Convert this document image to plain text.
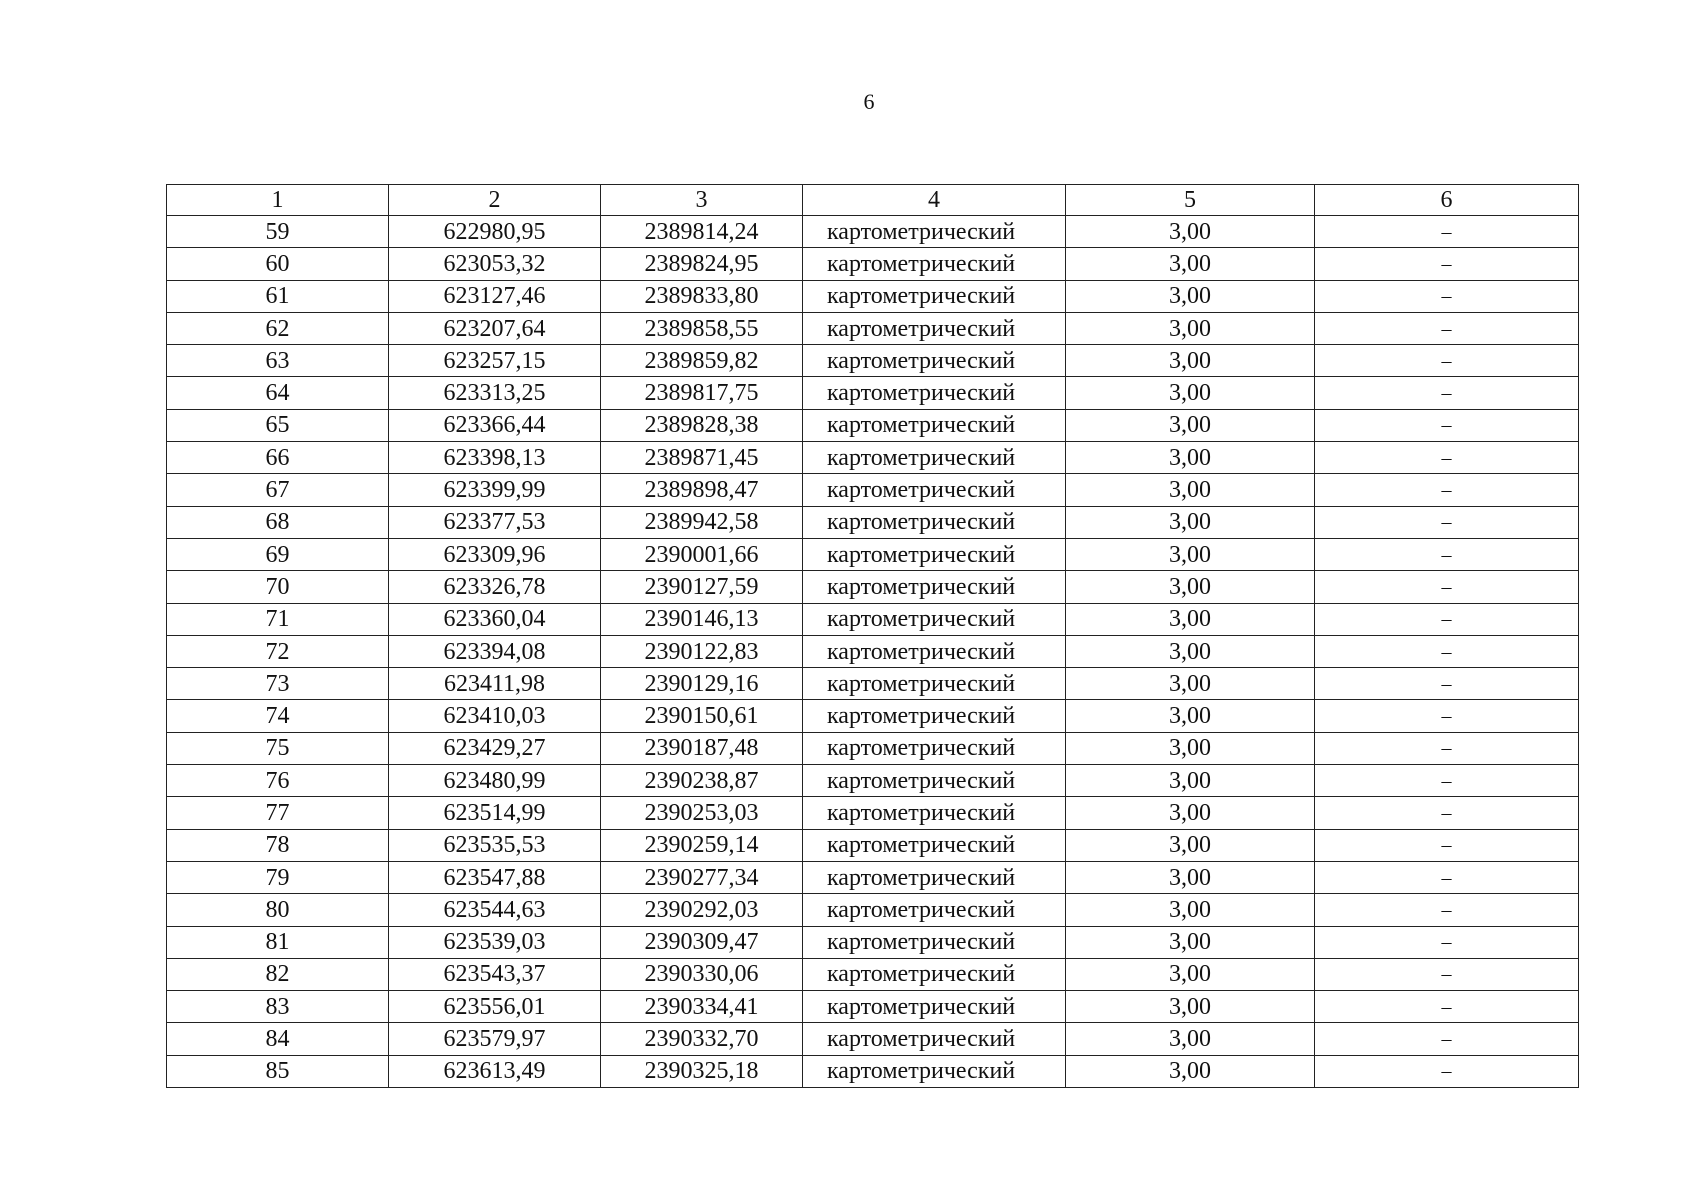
6
1	2	3	4	5	6
59	622980,95	2389814,24	картометрический	3,00	–
60	623053,32	2389824,95	картометрический	3,00	–
61	623127,46	2389833,80	картометрический	3,00	–
62	623207,64	2389858,55	картометрический	3,00	–
63	623257,15	2389859,82	картометрический	3,00	–
64	623313,25	2389817,75	картометрический	3,00	–
65	623366,44	2389828,38	картометрический	3,00	–
66	623398,13	2389871,45	картометрический	3,00	–
67	623399,99	2389898,47	картометрический	3,00	–
68	623377,53	2389942,58	картометрический	3,00	–
69	623309,96	2390001,66	картометрический	3,00	–
70	623326,78	2390127,59	картометрический	3,00	–
71	623360,04	2390146,13	картометрический	3,00	–
72	623394,08	2390122,83	картометрический	3,00	–
73	623411,98	2390129,16	картометрический	3,00	–
74	623410,03	2390150,61	картометрический	3,00	–
75	623429,27	2390187,48	картометрический	3,00	–
76	623480,99	2390238,87	картометрический	3,00	–
77	623514,99	2390253,03	картометрический	3,00	–
78	623535,53	2390259,14	картометрический	3,00	–
79	623547,88	2390277,34	картометрический	3,00	–
80	623544,63	2390292,03	картометрический	3,00	–
81	623539,03	2390309,47	картометрический	3,00	–
82	623543,37	2390330,06	картометрический	3,00	–
83	623556,01	2390334,41	картометрический	3,00	–
84	623579,97	2390332,70	картометрический	3,00	–
85	623613,49	2390325,18	картометрический	3,00	–
